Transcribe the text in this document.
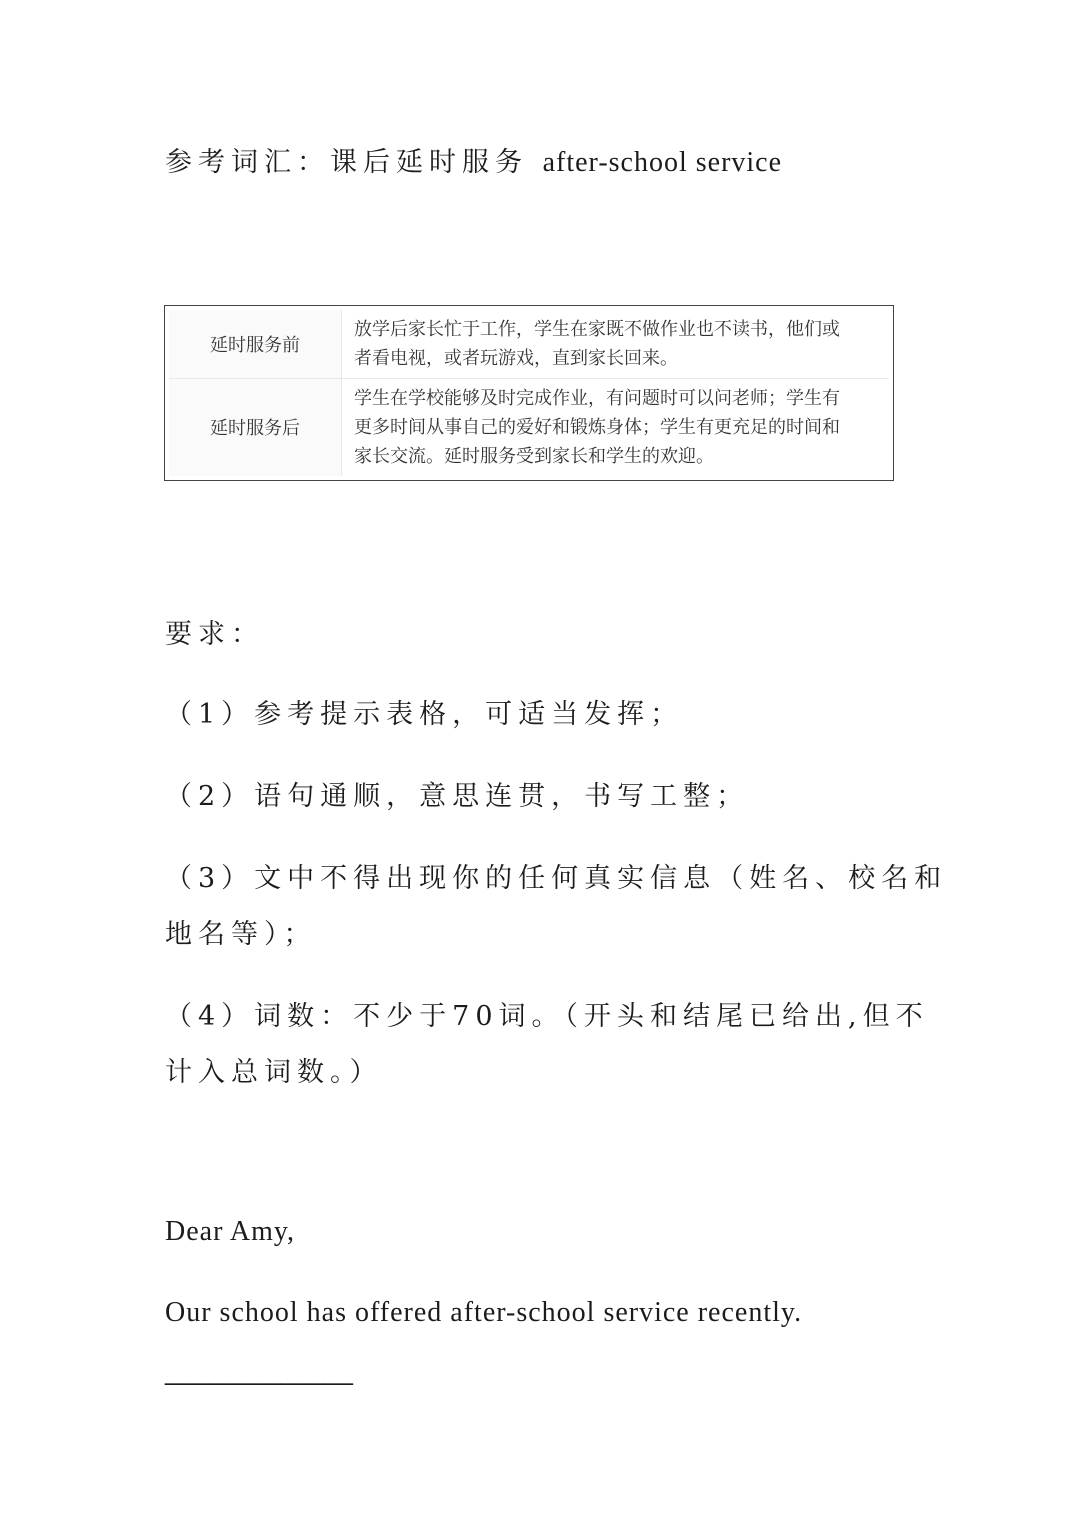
参考词汇：课后延时服务 after-school service
延时服务前	放学后家长忙于工作，学生在家既不做作业也不读书，他们或
者看电视，或者玩游戏，直到家长回来。

延时服务后	学生在学校能够及时完成作业，有问题时可以问老师；学生有
更多时间从事自己的爱好和锻炼身体；学生有更充足的时间和
家长交流。延时服务受到家长和学生的欢迎。
要求：
（1）参考提示表格，可适当发挥；
（2）语句通顺，意思连贯，书写工整；
（3）文中不得出现你的任何真实信息（姓名、校名和
地名等）；
（4）词数：不少于70词。（开头和结尾已给出,但不
计入总词数。）
Dear Amy,
Our school has offered after-school service recently.
_____________
